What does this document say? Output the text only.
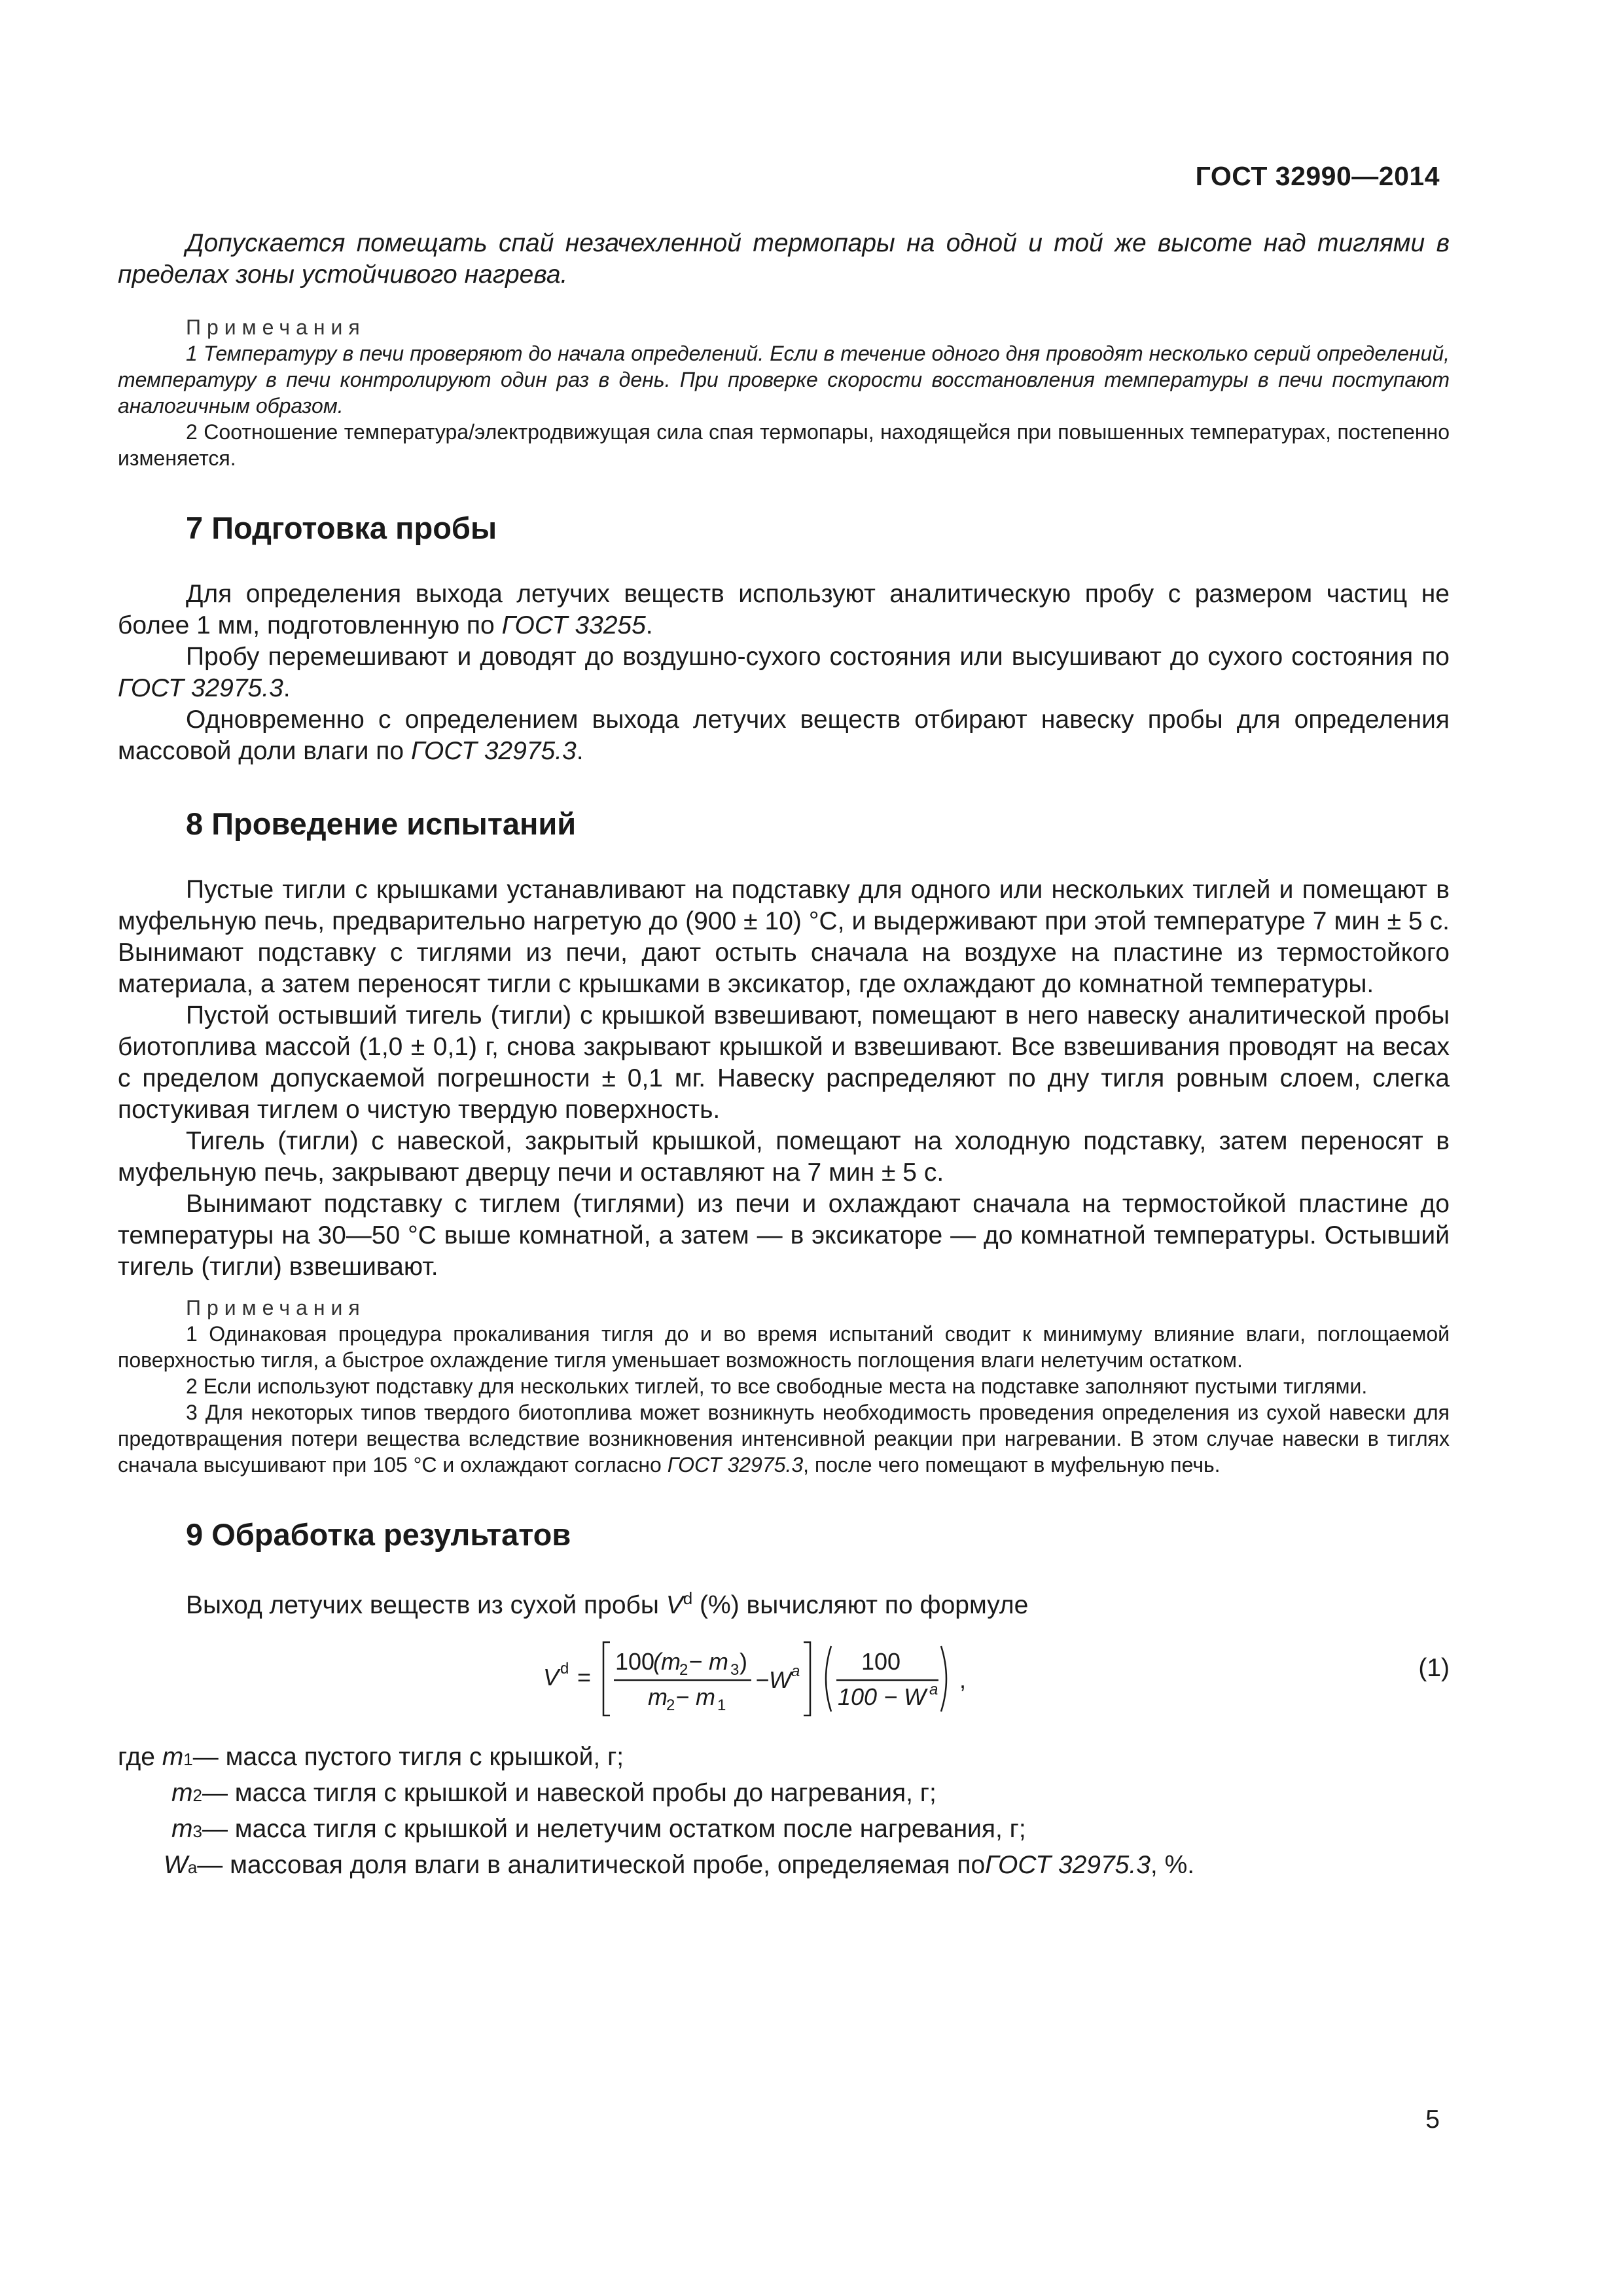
ГОСТ 32990—2014

Допускается помещать спай незачехленной термопары на одной и той же высоте над тиглями в пределах зоны устойчивого нагрева.

Примечания

1 Температуру в печи проверяют до начала определений. Если в течение одного дня проводят несколько серий определений, температуру в печи контролируют один раз в день. При проверке скорости восстановления температуры в печи поступают аналогичным образом.

2 Соотношение температура/электродвижущая сила спая термопары, находящейся при повышенных температурах, постепенно изменяется.

7 Подготовка пробы

Для определения выхода летучих веществ используют аналитическую пробу с размером частиц не более 1 мм, подготовленную по ГОСТ 33255.

Пробу перемешивают и доводят до воздушно-сухого состояния или высушивают до сухого состояния по ГОСТ 32975.3.

Одновременно с определением выхода летучих веществ отбирают навеску пробы для определения массовой доли влаги по ГОСТ 32975.3.

8 Проведение испытаний

Пустые тигли с крышками устанавливают на подставку для одного или нескольких тиглей и помещают в муфельную печь, предварительно нагретую до (900 ± 10) °С, и выдерживают при этой температуре 7 мин ± 5 с. Вынимают подставку с тиглями из печи, дают остыть сначала на воздухе на пластине из термостойкого материала, а затем переносят тигли с крышками в эксикатор, где охлаждают до комнатной температуры.

Пустой остывший тигель (тигли) с крышкой взвешивают, помещают в него навеску аналитической пробы биотоплива массой (1,0 ± 0,1) г, снова закрывают крышкой и взвешивают. Все взвешивания проводят на весах с пределом допускаемой погрешности ± 0,1 мг. Навеску распределяют по дну тигля ровным слоем, слегка постукивая тиглем о чистую твердую поверхность.

Тигель (тигли) с навеской, закрытый крышкой, помещают на холодную подставку, затем переносят в муфельную печь, закрывают дверцу печи и оставляют на 7 мин ± 5 с.

Вынимают подставку с тиглем (тиглями) из печи и охлаждают сначала на термостойкой пластине до температуры на 30—50 °С выше комнатной, а затем — в эксикаторе — до комнатной температуры. Остывший тигель (тигли) взвешивают.

Примечания

1 Одинаковая процедура прокаливания тигля до и во время испытаний сводит к минимуму влияние влаги, поглощаемой поверхностью тигля, а быстрое охлаждение тигля уменьшает возможность поглощения влаги нелетучим остатком.

2 Если используют подставку для нескольких тиглей, то все свободные места на подставке заполняют пустыми тиглями.

3 Для некоторых типов твердого биотоплива может возникнуть необходимость проведения определения из сухой навески для предотвращения потери вещества вследствие возникновения интенсивной реакции при нагревании. В этом случае навески в тиглях сначала высушивают при 105 °С и охлаждают согласно ГОСТ 32975.3, после чего помещают в муфельную печь.

9 Обработка результатов

Выход летучих веществ из сухой пробы $V^d$ (%) вычисляют по формуле

V d =
100
(m
2 − m 3 )
m
2 − m 1
−W a	100
100 − W a ,	(1)
где
m 1 — масса пустого тигля с крышкой, г;
m 2 — масса тигля с крышкой и навеской пробы до нагревания, г;
m 3 — масса тигля с крышкой и нелетучим остатком после нагревания, г;
W a — массовая доля влаги в аналитической пробе, определяемая по ГОСТ 32975.3 , %.
5
